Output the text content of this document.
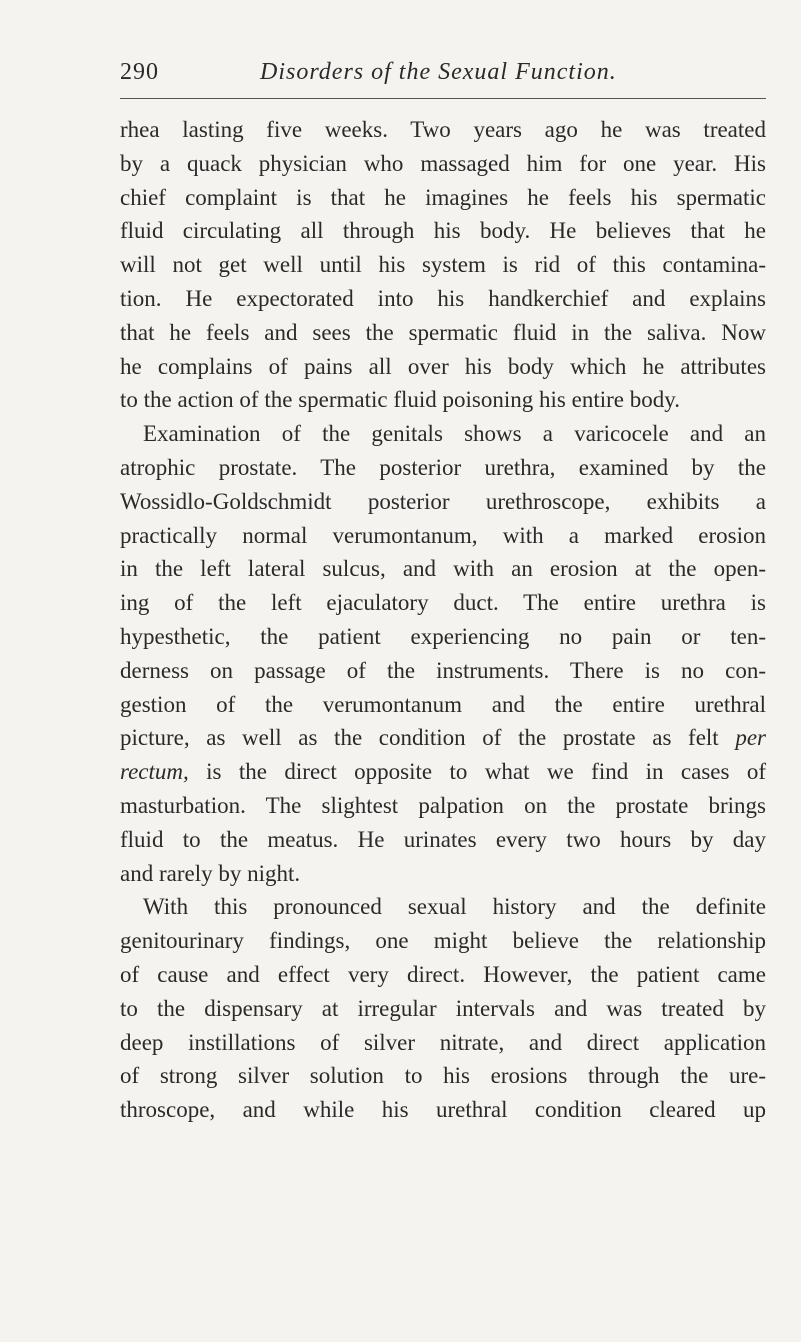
290	Disorders of the Sexual Function.

rhea lasting five weeks. Two years ago he was treated

by a quack physician who massaged him for one year. His

chief complaint is that he imagines he feels his spermatic

fluid circulating all through his body. He believes that he

will not get well until his system is rid of this contamina-

tion. He expectorated into his handkerchief and explains

that he feels and sees the spermatic fluid in the saliva. Now

he complains of pains all over his body which he attributes

to the action of the spermatic fluid poisoning his entire body.

Examination of the genitals shows a varicocele and an

atrophic prostate. The posterior urethra, examined by the

Wossidlo-Goldschmidt posterior urethroscope, exhibits a

practically normal verumontanum, with a marked erosion

in the left lateral sulcus, and with an erosion at the open-

ing of the left ejaculatory duct. The entire urethra is

hypesthetic, the patient experiencing no pain or ten-

derness on passage of the instruments. There is no con-

gestion of the verumontanum and the entire urethral

picture, as well as the condition of the prostate as felt per

rectum, is the direct opposite to what we find in cases of

masturbation. The slightest palpation on the prostate brings

fluid to the meatus. He urinates every two hours by day

and rarely by night.

With this pronounced sexual history and the definite

genitourinary findings, one might believe the relationship

of cause and effect very direct. However, the patient came

to the dispensary at irregular intervals and was treated by

deep instillations of silver nitrate, and direct application

of strong silver solution to his erosions through the ure-

throscope, and while his urethral condition cleared up
